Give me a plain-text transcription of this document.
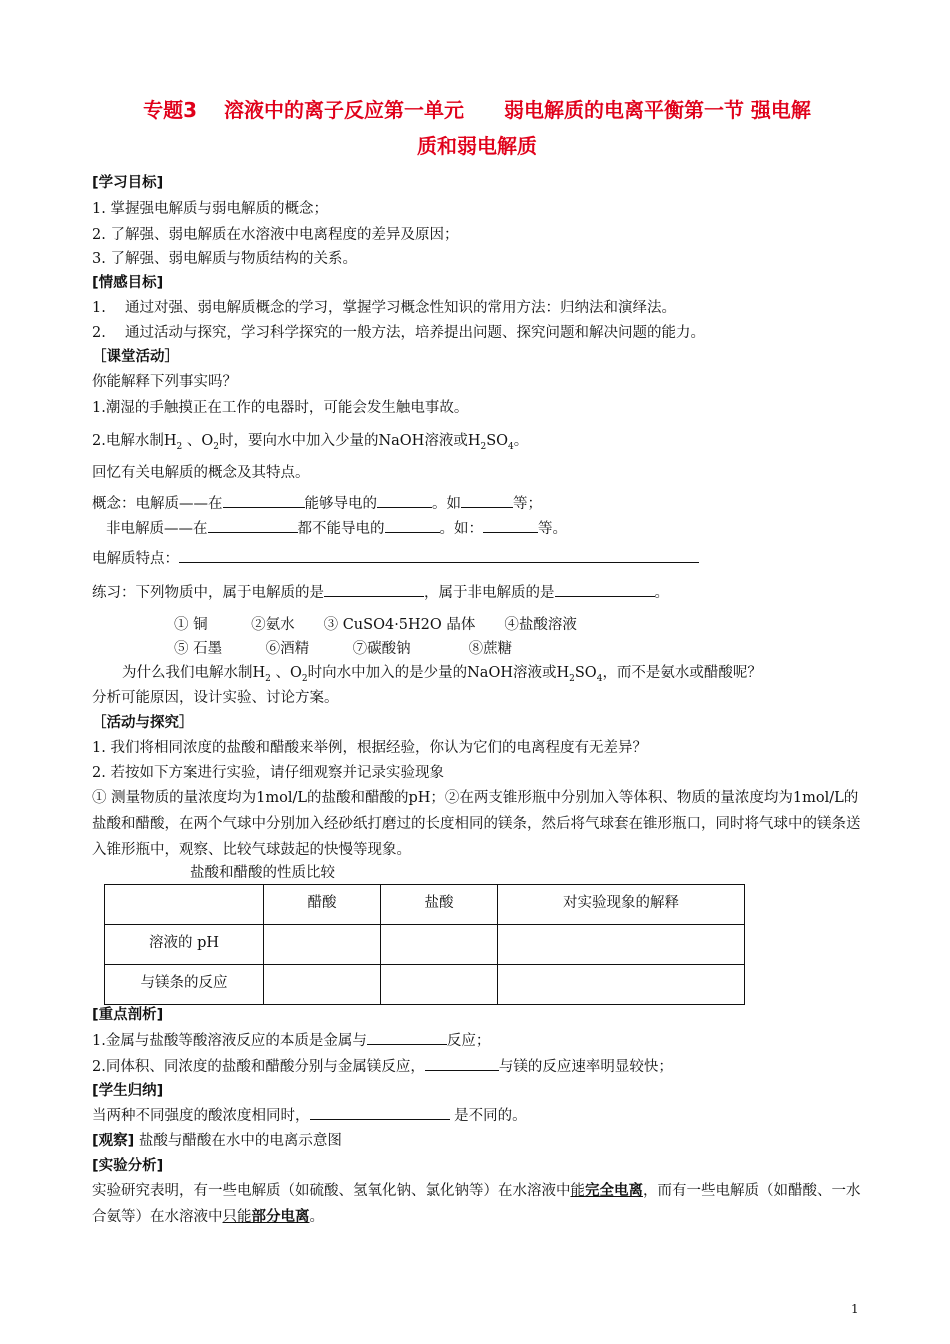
专题3　 溶液中的离子反应第一单元　　弱电解质的电离平衡第一节 强电解
质和弱电解质
[学习目标]
1. 掌握强电解质与弱电解质的概念；
2. 了解强、弱电解质在水溶液中电离程度的差异及原因；
3. 了解强、弱电解质与物质结构的关系。
[情感目标]
1.　 通过对强、弱电解质概念的学习，掌握学习概念性知识的常用方法：归纳法和演绎法。
2.　 通过活动与探究，学习科学探究的一般方法，培养提出问题、探究问题和解决问题的能力。
［课堂活动］
你能解释下列事实吗？
1.潮湿的手触摸正在工作的电器时，可能会发生触电事故。
2.电解水制$H_2$ 、$O_2$时，要向水中加入少量的NaOH溶液或$H_2SO_4$。
回忆有关电解质的概念及其特点。
概念：电解质——在	能够导电的	。如	等；
非电解质——在	都不能导电的	。如：	等。
电解质特点：
练习：下列物质中，属于电解质的是	，属于非电解质的是	。
① 铜　　　②氨水　　③ CuSO4·5H2O 晶体　　④盐酸溶液
⑤ 石墨　　　⑥酒精　　　⑦碳酸钠　　　　⑧蔗糖
为什么我们电解水制$H_2$ 、$O_2$时向水中加入的是少量的NaOH溶液或$H_2SO_4$，而不是氨水或醋酸呢？
分析可能原因，设计实验、讨论方案。
［活动与探究］
1. 我们将相同浓度的盐酸和醋酸来举例，根据经验，你认为它们的电离程度有无差异？
2. 若按如下方案进行实验，请仔细观察并记录实验现象
① 测量物质的量浓度均为1mol/L的盐酸和醋酸的pH；②在两支锥形瓶中分别加入等体积、物质的量浓度均为1mol/L的盐酸和醋酸，在两个气球中分别加入经砂纸打磨过的长度相同的镁条，然后将气球套在锥形瓶口，同时将气球中的镁条送入锥形瓶中，观察、比较气球鼓起的快慢等现象。
盐酸和醋酸的性质比较
	醋酸	盐酸	对实验现象的解释
溶液的 pH			
与镁条的反应			
[重点剖析]
1.金属与盐酸等酸溶液反应的本质是金属与	反应；
2.同体积、同浓度的盐酸和醋酸分别与金属镁反应，	与镁的反应速率明显较快；
[学生归纳]
当两种不同强度的酸浓度相同时，	是不同的。
[观察] 盐酸与醋酸在水中的电离示意图
[实验分析]
实验研究表明，有一些电解质（如硫酸、氢氧化钠、氯化钠等）在水溶液中能完全电离，而有一些电解质（如醋酸、一水合氨等）在水溶液中只能部分电离。
1
